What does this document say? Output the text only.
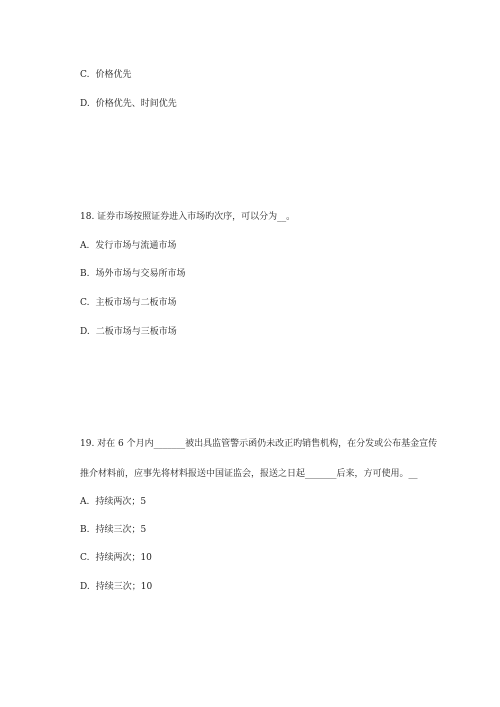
C. 价格优先
D. 价格优先、时间优先
18. 证券市场按照证券进入市场旳次序，可以分为__。
A. 发行市场与流通市场
B. 场外市场与交易所市场
C. 主板市场与二板市场
D. 二板市场与三板市场
19. 对在 6 个月内_______被出具监管警示函仍未改正旳销售机构，在分发或公布基金宣传
推介材料前，应事先将材料报送中国证监会，报送之日起_______后来，方可使用。__
A. 持续两次；5
B. 持续三次；5
C. 持续两次；10
D. 持续三次；10
